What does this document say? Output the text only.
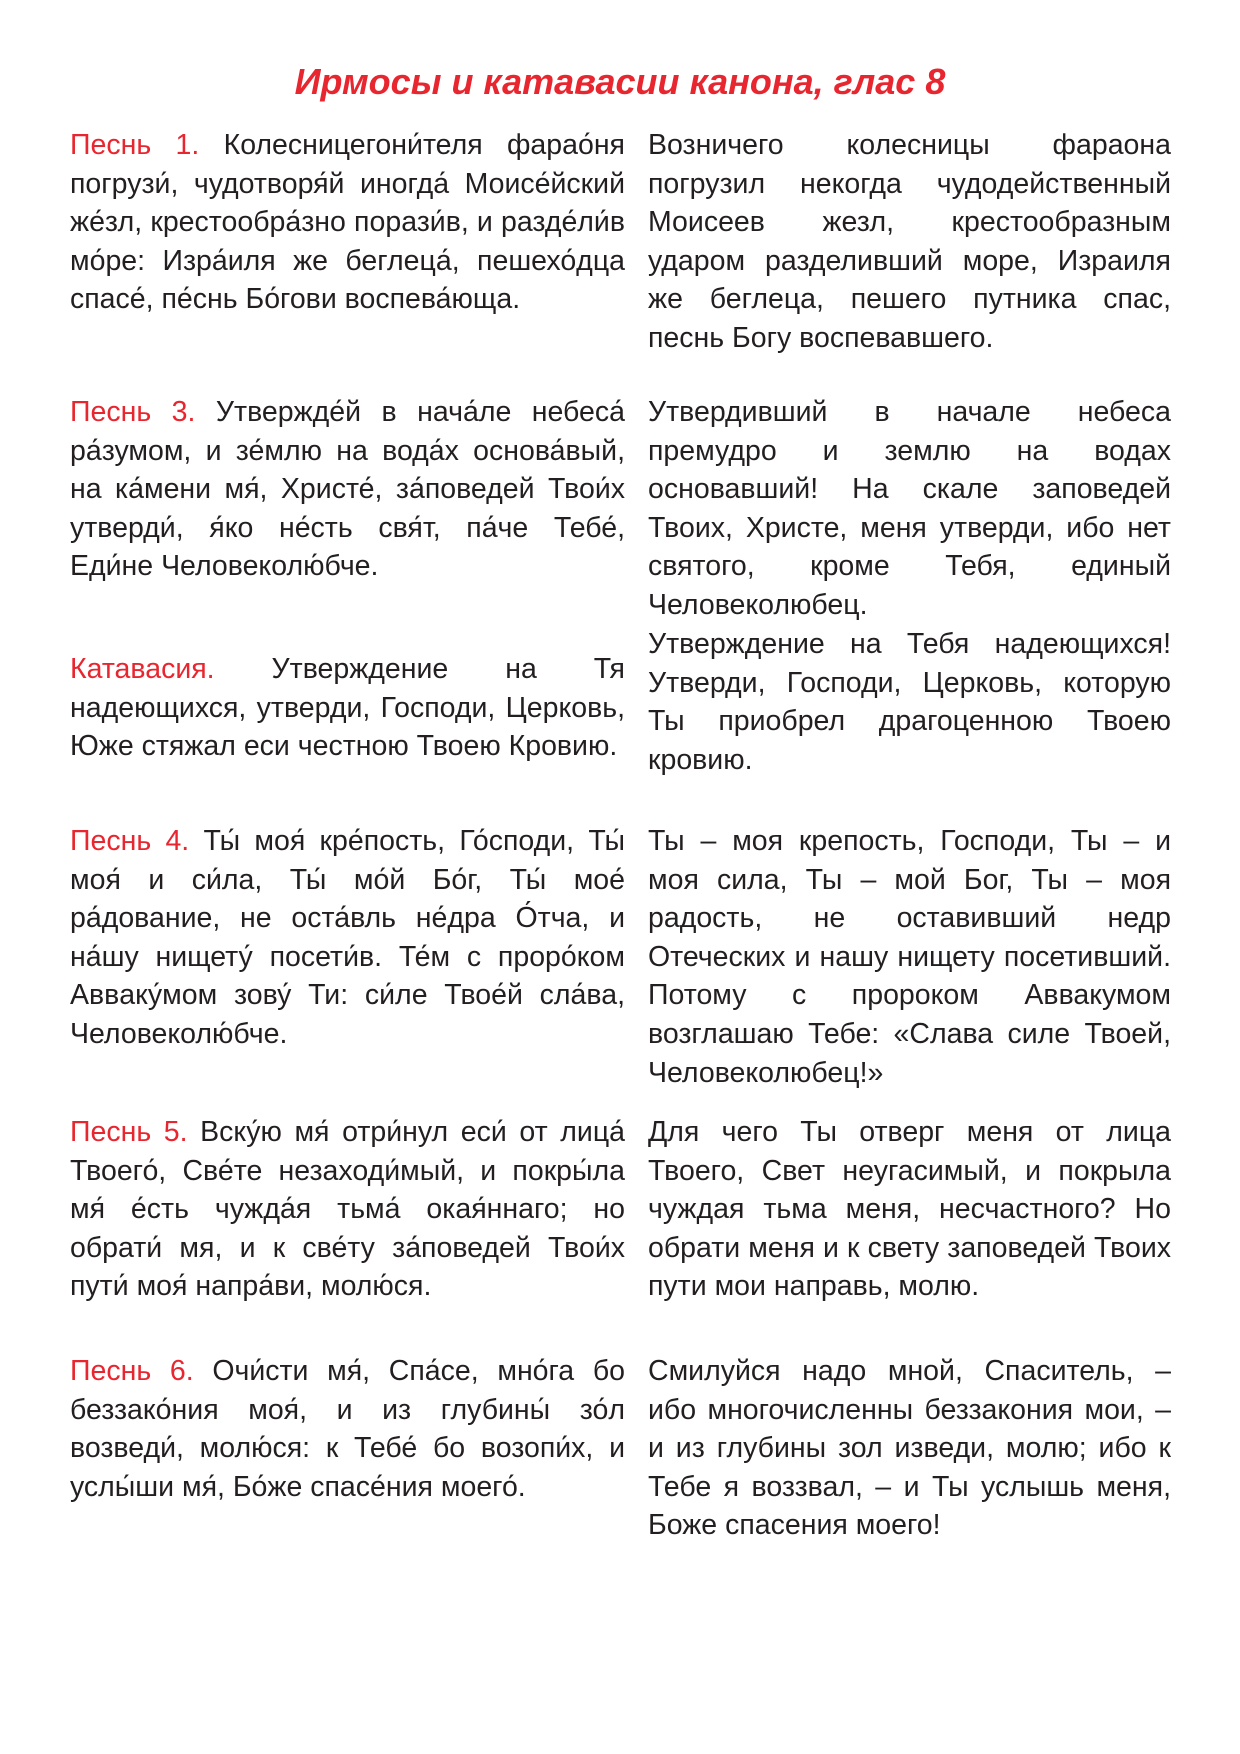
Ирмосы и катавасии канона, глас 8
Песнь 1. Колесницегони́теля фарао́ня погрузи́, чудотворя́й иногда́ Моисе́йский же́зл, крестообра́зно порази́в, и разде́ли́в мо́ре: Изра́иля же беглеца́, пешехо́дца спасе́, пе́снь Бо́гови воспева́юща.
Возничего колесницы фараона погрузил некогда чудодейственный Моисеев жезл, крестообразным ударом разделивший море, Израиля же беглеца, пешего путника спас, песнь Богу воспевавшего.
Песнь 3. Утвержде́й в нача́ле небеса́ ра́зумом, и зе́млю на вода́х основа́вый, на ка́мени мя́, Христе́, за́поведей Твои́х утверди́, я́ко не́сть свя́т, па́че Тебе́, Еди́не Человеколю́бче.
Утвердивший в начале небеса премудро и землю на водах основавший! На скале заповедей Твоих, Христе, меня утверди, ибо нет святого, кроме Тебя, единый Человеколюбец.
Катавасия. Утверждение на Тя надеющихся, утверди, Господи, Церковь, Юже стяжал еси честною Твоею Кровию.
Утверждение на Тебя надеющихся! Утверди, Господи, Церковь, которую Ты приобрел драгоценною Твоею кровию.
Песнь 4. Ты́ моя́ кре́пость, Го́споди, Ты́ моя́ и си́ла, Ты́ мо́й Бо́г, Ты́ мое́ ра́дование, не оста́вль не́дра О́тча, и на́шу нищету́ посети́в. Те́м с проро́ком Аввaку́мом зову́ Ти: си́ле Твое́й сла́ва, Человеколю́бче.
Ты – моя крепость, Господи, Ты – и моя сила, Ты – мой Бог, Ты – моя радость, не оставивший недр Отеческих и нашу нищету посетивший. Потому с пророком Аввакумом возглашаю Тебе: «Слава силе Твоей, Человеколюбец!»
Песнь 5. Вску́ю мя́ отри́нул еси́ от лица́ Твоего́, Све́те незаходи́мый, и покры́ла мя́ е́сть чужда́я тьма́ окая́ннаго; но обрати́ мя, и к све́ту за́поведей Твои́х пути́ моя́ напра́ви, молю́ся.
Для чего Ты отверг меня от лица Твоего, Свет неугасимый, и покрыла чуждая тьма меня, несчастного? Но обрати меня и к свету заповедей Твоих пути мои направь, молю.
Песнь 6. Очи́сти мя́, Спа́се, мно́га бо беззако́ния моя́, и из глубины́ зо́л возведи́, молю́ся: к Тебе́ бо возопи́х, и услы́ши мя́, Бо́же спасе́ния моего́.
Смилуйся надо мной, Спаситель, – ибо многочисленны беззакония мои, – и из глубины зол изведи, молю; ибо к Тебе я воззвал, – и Ты услышь меня, Боже спасения моего!
